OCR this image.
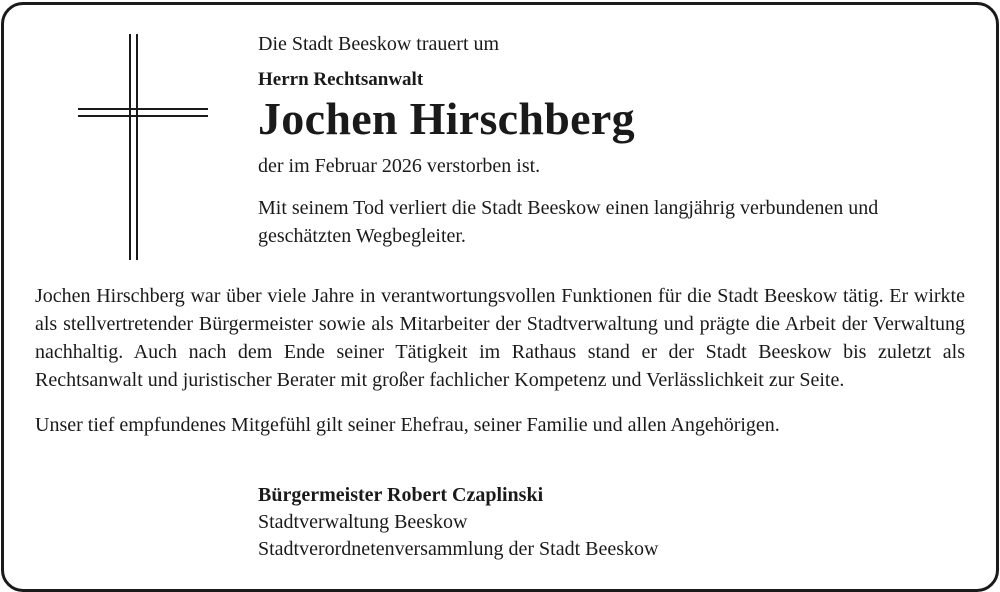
Die Stadt Beeskow trauert um

Herrn Rechtsanwalt

Jochen Hirschberg

der im Februar 2026 verstorben ist.

Mit seinem Tod verliert die Stadt Beeskow einen langjährig verbundenen und geschätzten Wegbegleiter.

Jochen Hirschberg war über viele Jahre in verantwortungsvollen Funktionen für die Stadt Beeskow tätig. Er wirkte als stellvertretender Bürgermeister sowie als Mitarbeiter der Stadtverwaltung und prägte die Arbeit der Verwaltung nachhaltig. Auch nach dem Ende seiner Tätigkeit im Rathaus stand er der Stadt Beeskow bis zuletzt als Rechtsanwalt und juristischer Berater mit großer fachlicher Kompetenz und Verlässlichkeit zur Seite.

Unser tief empfundenes Mitgefühl gilt seiner Ehefrau, seiner Familie und allen Angehörigen.

Bürgermeister Robert Czaplinski

Stadtverwaltung Beeskow

Stadtverordnetenversammlung der Stadt Beeskow
